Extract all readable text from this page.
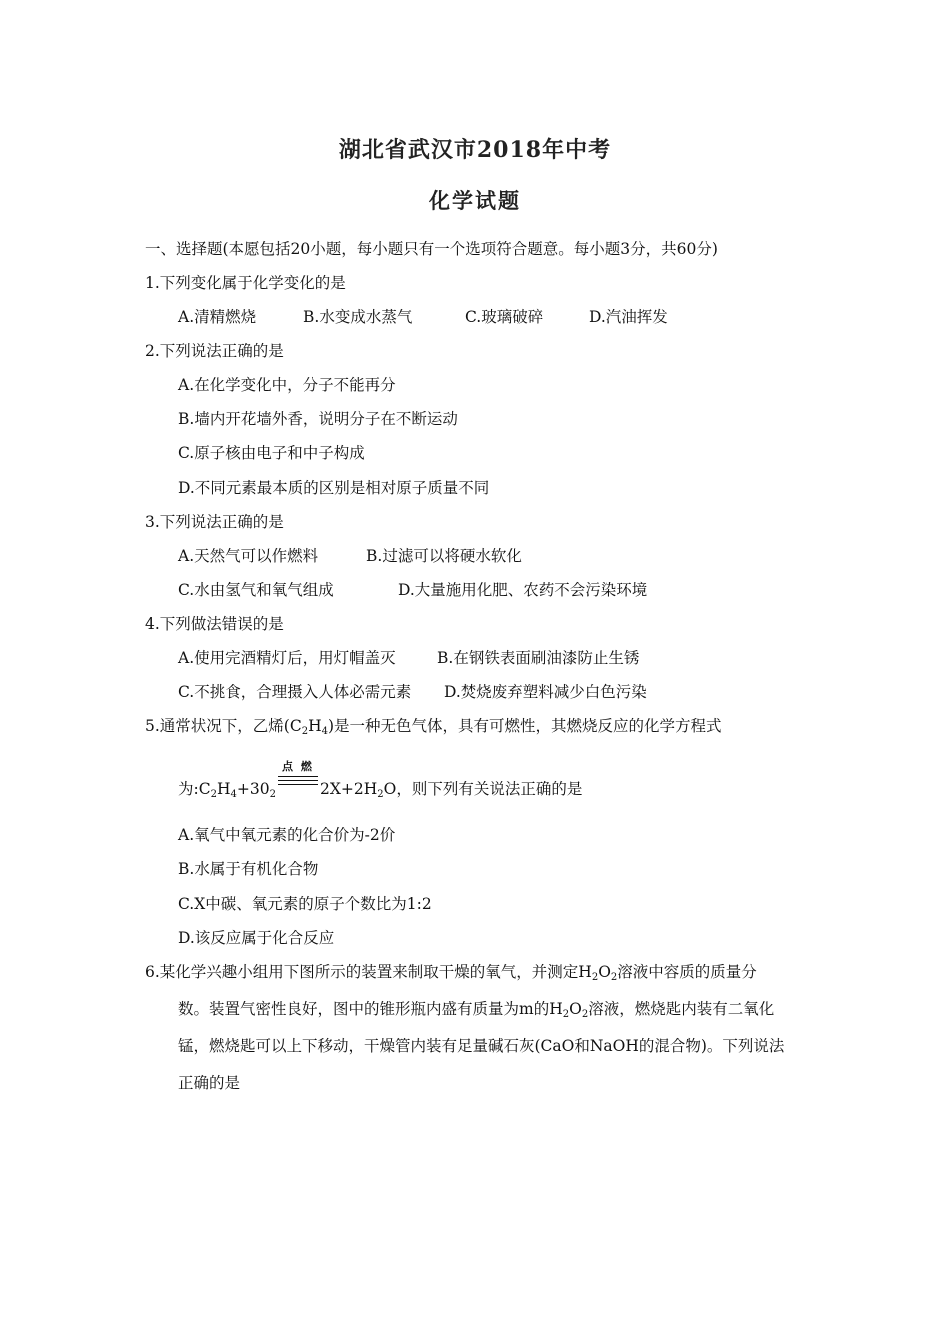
湖北省武汉市2018年中考
化学试题
一、选择题(本愿包括20小题，每小题只有一个选项符合题意。每小题3分，共60分)
1.下列变化属于化学变化的是
A.清精燃烧	B.水变成水蒸气	C.玻璃破碎	D.汽油挥发
2.下列说法正确的是
A.在化学变化中，分子不能再分
B.墙内开花墙外香，说明分子在不断运动
C.原子核由电子和中子构成
D.不同元素最本质的区别是相对原子质量不同
3.下列说法正确的是
A.天然气可以作燃料	B.过滤可以将硬水软化
C.水由氢气和氧气组成	D.大量施用化肥、农药不会污染环境
4.下列做法错误的是
A.使用完酒精灯后，用灯帽盖灭	B.在钢铁表面刷油漆防止生锈
C.不挑食，合理摄入人体必需元素 D.焚烧废弃塑料减少白色污染
5.通常状况下，乙烯$(C_2H_4)$是一种无色气体，具有可燃性，其燃烧反应的化学方程式
为$:C_2H_4+30_2$
点 燃
$2X+2H_2O$，则下列有关说法正确的是
A.氧气中氧元素的化合价为-2价
B.水属于有机化合物
C.X中碳、氧元素的原子个数比为1:2
D.该反应属于化合反应
6.某化学兴趣小组用下图所示的装置来制取干燥的氧气，并测定$H_2O_2$溶液中容质的质量分
数。装置气密性良好，图中的锥形瓶内盛有质量为m的$H_2O_2$溶液，燃烧匙内装有二氧化
锰，燃烧匙可以上下移动，干燥管内装有足量碱石灰(CaO和NaOH的混合物)。下列说法
正确的是
